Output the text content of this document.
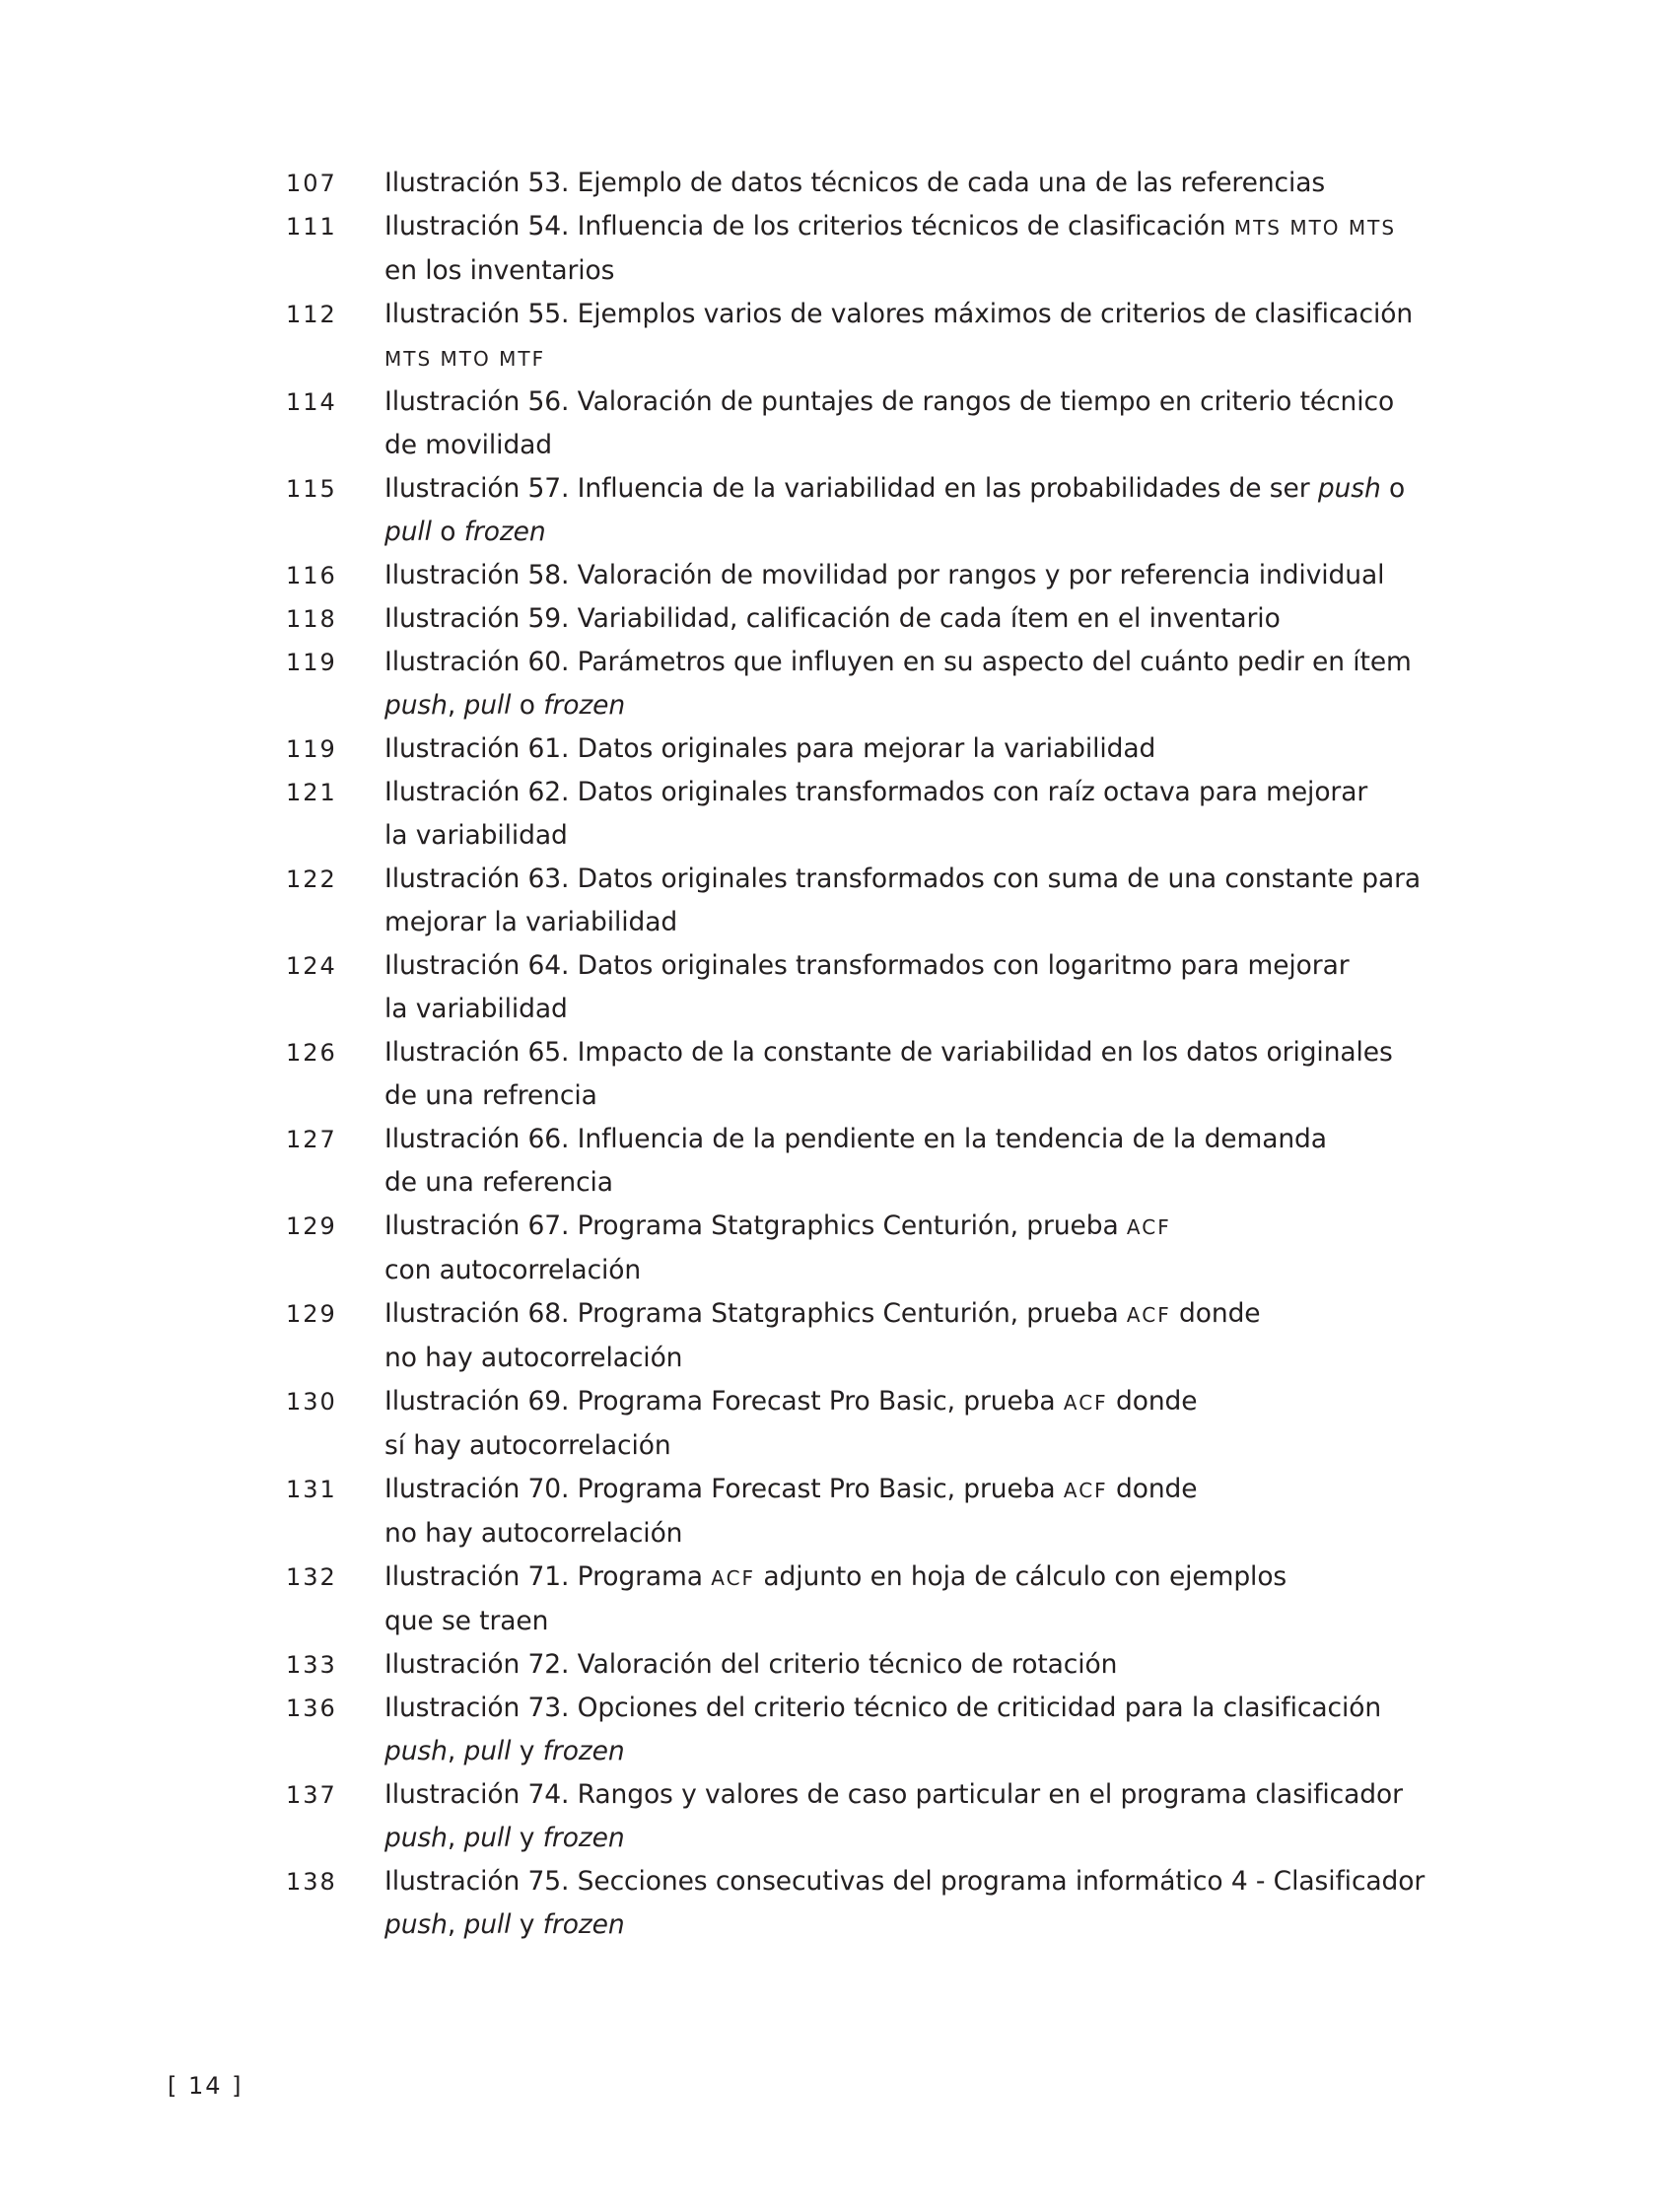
107	Ilustración 53. Ejemplo de datos técnicos de cada una de las referencias
111	Ilustración 54. Influencia de los criterios técnicos de clasificación MTS MTO MTS
en los inventarios
112	Ilustración 55. Ejemplos varios de valores máximos de criterios de clasificación
MTS MTO MTF
114	Ilustración 56. Valoración de puntajes de rangos de tiempo en criterio técnico
de movilidad
115	Ilustración 57. Influencia de la variabilidad en las probabilidades de ser push o
pull o frozen
116	Ilustración 58. Valoración de movilidad por rangos y por referencia individual
118	Ilustración 59. Variabilidad, calificación de cada ítem en el inventario
119	Ilustración 60. Parámetros que influyen en su aspecto del cuánto pedir en ítem
push, pull o frozen
119	Ilustración 61. Datos originales para mejorar la variabilidad
121	Ilustración 62. Datos originales transformados con raíz octava para mejorar
la variabilidad
122	Ilustración 63. Datos originales transformados con suma de una constante para
mejorar la variabilidad
124	Ilustración 64. Datos originales transformados con logaritmo para mejorar
la variabilidad
126	Ilustración 65. Impacto de la constante de variabilidad en los datos originales
de una refrencia
127	Ilustración 66. Influencia de la pendiente en la tendencia de la demanda
de una referencia
129	Ilustración 67. Programa Statgraphics Centurión, prueba ACF
con autocorrelación
129	Ilustración 68. Programa Statgraphics Centurión, prueba ACF donde
no hay autocorrelación
130	Ilustración 69. Programa Forecast Pro Basic, prueba ACF donde
sí hay autocorrelación
131	Ilustración 70. Programa Forecast Pro Basic, prueba ACF donde
no hay autocorrelación
132	Ilustración 71. Programa ACF adjunto en hoja de cálculo con ejemplos
que se traen
133	Ilustración 72. Valoración del criterio técnico de rotación
136	Ilustración 73. Opciones del criterio técnico de criticidad para la clasificación
push, pull y frozen
137	Ilustración 74. Rangos y valores de caso particular en el programa clasificador
push, pull y frozen
138	Ilustración 75. Secciones consecutivas del programa informático 4 - Clasificador
push, pull y frozen
[ 14 ]
